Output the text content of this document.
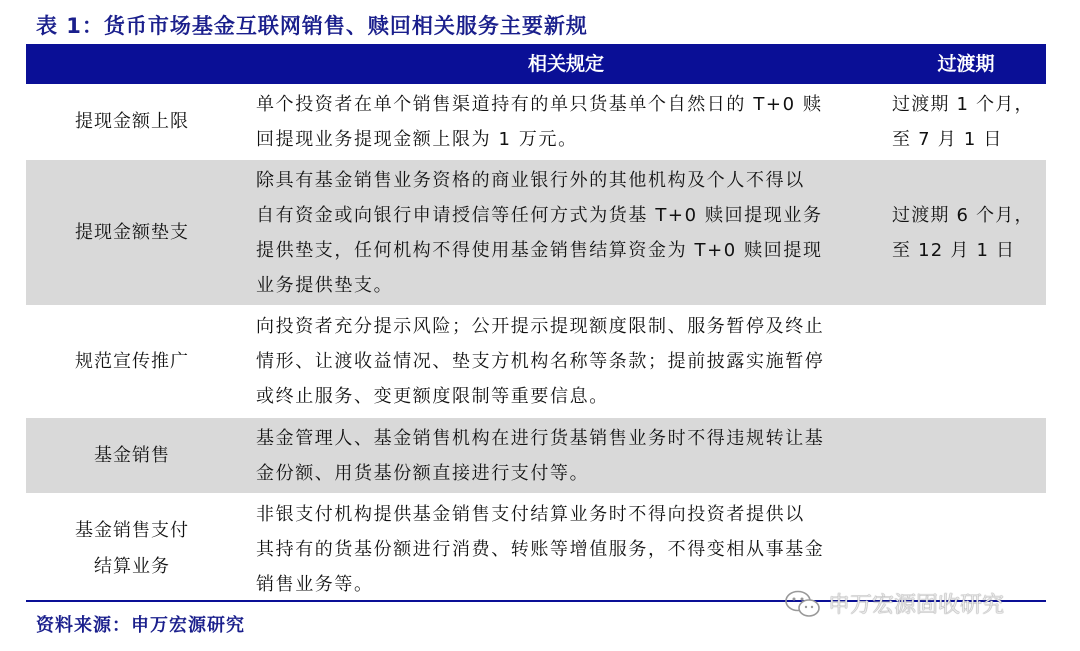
表 1：货币市场基金互联网销售、赎回相关服务主要新规
相关规定	过渡期
提现金额上限
单个投资者在单个销售渠道持有的单只货基单个自然日的 T+0 赎
回提现业务提现金额上限为 1 万元。
过渡期 1 个月，
至 7 月 1 日
提现金额垫支
除具有基金销售业务资格的商业银行外的其他机构及个人不得以
自有资金或向银行申请授信等任何方式为货基 T+0 赎回提现业务
提供垫支，任何机构不得使用基金销售结算资金为 T+0 赎回提现
业务提供垫支。
过渡期 6 个月，
至 12 月 1 日
规范宣传推广
向投资者充分提示风险；公开提示提现额度限制、服务暂停及终止
情形、让渡收益情况、垫支方机构名称等条款；提前披露实施暂停
或终止服务、变更额度限制等重要信息。
基金销售
基金管理人、基金销售机构在进行货基销售业务时不得违规转让基
金份额、用货基份额直接进行支付等。
基金销售支付
结算业务
非银支付机构提供基金销售支付结算业务时不得向投资者提供以
其持有的货基份额进行消费、转账等增值服务，不得变相从事基金
销售业务等。
资料来源：申万宏源研究
申万宏源固收研究
